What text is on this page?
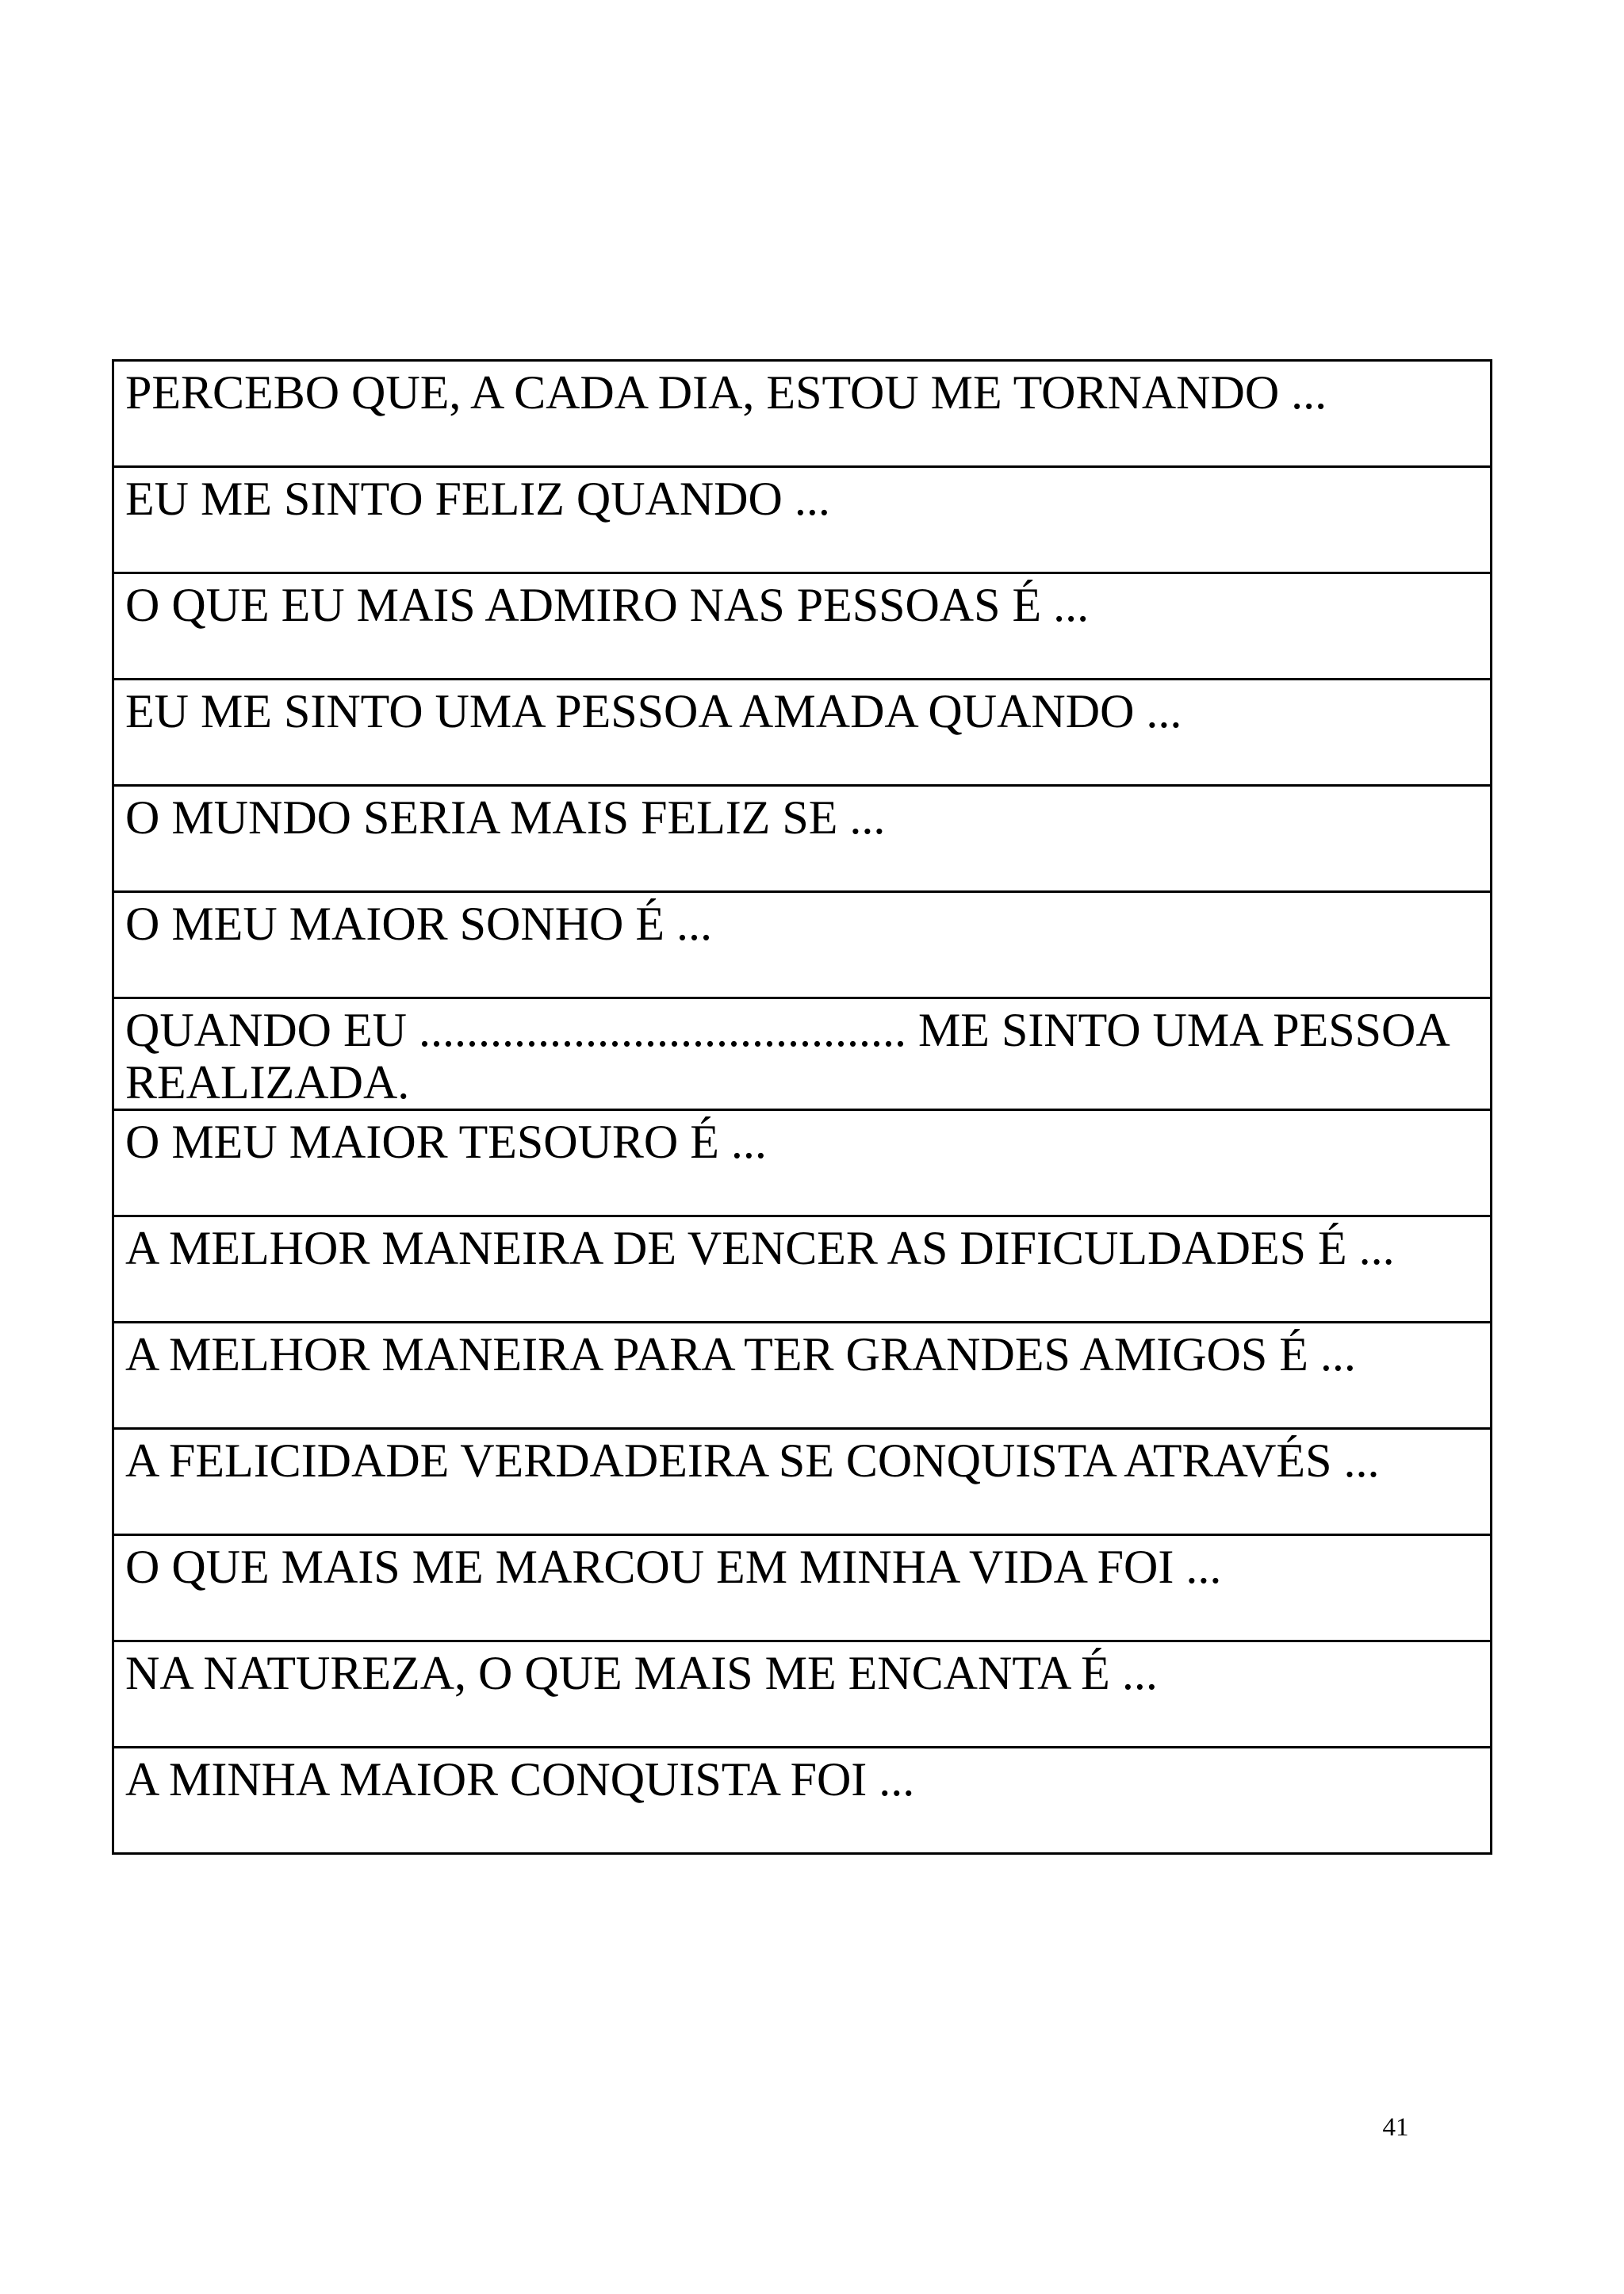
PERCEBO QUE, A CADA DIA, ESTOU ME TORNANDO ...
EU ME SINTO FELIZ QUANDO ...
O QUE EU MAIS ADMIRO NAS PESSOAS É ...
EU ME SINTO UMA PESSOA AMADA QUANDO ...
O MUNDO SERIA MAIS FELIZ SE ...
O MEU MAIOR SONHO É ...
QUANDO EU ......................................... ME SINTO UMA PESSOA REALIZADA.
O MEU MAIOR TESOURO É ...
A MELHOR MANEIRA DE VENCER AS DIFICULDADES É ...
A MELHOR MANEIRA PARA TER GRANDES AMIGOS É ...
A FELICIDADE VERDADEIRA SE CONQUISTA ATRAVÉS ...
O QUE MAIS ME MARCOU EM MINHA VIDA FOI ...
NA NATUREZA, O QUE MAIS ME ENCANTA É ...
A MINHA MAIOR CONQUISTA FOI ...
41
